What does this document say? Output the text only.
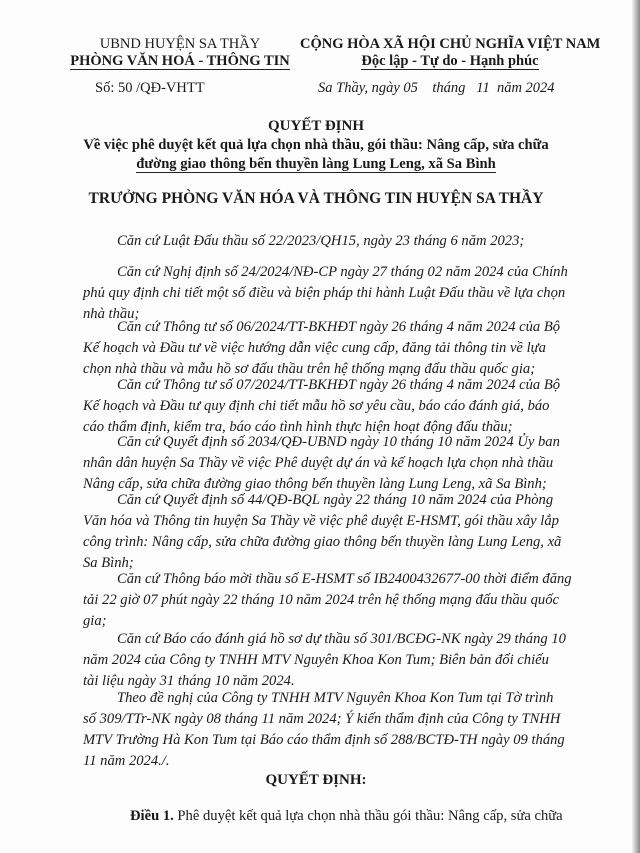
UBND HUYỆN SA THẦY
PHÒNG VĂN HOÁ - THÔNG TIN
Số: 50 /QĐ-VHTT
CỘNG HÒA XÃ HỘI CHỦ NGHĨA VIỆT NAM
Độc lập - Tự do - Hạnh phúc
Sa Thầy, ngày 05    tháng   11  năm 2024
QUYẾT ĐỊNH
Về việc phê duyệt kết quả lựa chọn nhà thầu, gói thầu: Nâng cấp, sửa chữa
đường giao thông bến thuyền làng Lung Leng, xã Sa Bình
TRƯỞNG PHÒNG VĂN HÓA VÀ THÔNG TIN HUYỆN SA THẦY
Căn cứ Luật Đấu thầu số 22/2023/QH15, ngày 23 tháng 6 năm 2023;
Căn cứ Nghị định số 24/2024/NĐ-CP ngày 27 tháng 02 năm 2024 của Chính
phủ quy định chi tiết một số điều và biện pháp thi hành Luật Đấu thầu về lựa chọn
nhà thầu;
Căn cứ Thông tư số 06/2024/TT-BKHĐT ngày 26 tháng 4 năm 2024 của Bộ
Kế hoạch và Đầu tư về việc hướng dẫn việc cung cấp, đăng tải thông tin về lựa
chọn nhà thầu và mẫu hồ sơ đấu thầu trên hệ thống mạng đấu thầu quốc gia;
Căn cứ Thông tư số 07/2024/TT-BKHĐT ngày 26 tháng 4 năm 2024 của Bộ
Kế hoạch và Đầu tư quy định chi tiết mẫu hồ sơ yêu cầu, báo cáo đánh giá, báo
cáo thẩm định, kiểm tra, báo cáo tình hình thực hiện hoạt động đấu thầu;
Căn cứ Quyết định số 2034/QĐ-UBND ngày 10 tháng 10 năm 2024 Ủy ban
nhân dân huyện Sa Thầy về việc Phê duyệt dự án và kế hoạch lựa chọn nhà thầu
Nâng cấp, sửa chữa đường giao thông bến thuyền làng Lung Leng, xã Sa Bình;
Căn cứ Quyết định số 44/QĐ-BQL ngày 22 tháng 10 năm 2024 của Phòng
Văn hóa và Thông tin huyện Sa Thầy về việc phê duyệt E-HSMT, gói thầu xây lắp
công trình: Nâng cấp, sửa chữa đường giao thông bến thuyền làng Lung Leng, xã
Sa Bình;
Căn cứ Thông báo mời thầu số E-HSMT số IB2400432677-00 thời điểm đăng
tải 22 giờ 07 phút ngày 22 tháng 10 năm 2024 trên hệ thống mạng đấu thầu quốc
gia;
Căn cứ Báo cáo đánh giá hồ sơ dự thầu số 301/BCĐG-NK ngày 29 tháng 10
năm 2024 của Công ty TNHH MTV Nguyên Khoa Kon Tum; Biên bản đối chiếu
tài liệu ngày 31 tháng 10 năm 2024.
Theo đề nghị của Công ty TNHH MTV Nguyên Khoa Kon Tum tại Tờ trình
số 309/TTr-NK ngày 08 tháng 11 năm 2024; Ý kiến thẩm định của Công ty TNHH
MTV Trường Hà Kon Tum tại Báo cáo thẩm định số 288/BCTĐ-TH ngày 09 tháng
11 năm 2024./.
QUYẾT ĐỊNH:
Điều 1. Phê duyệt kết quả lựa chọn nhà thầu gói thầu: Nâng cấp, sửa chữa
